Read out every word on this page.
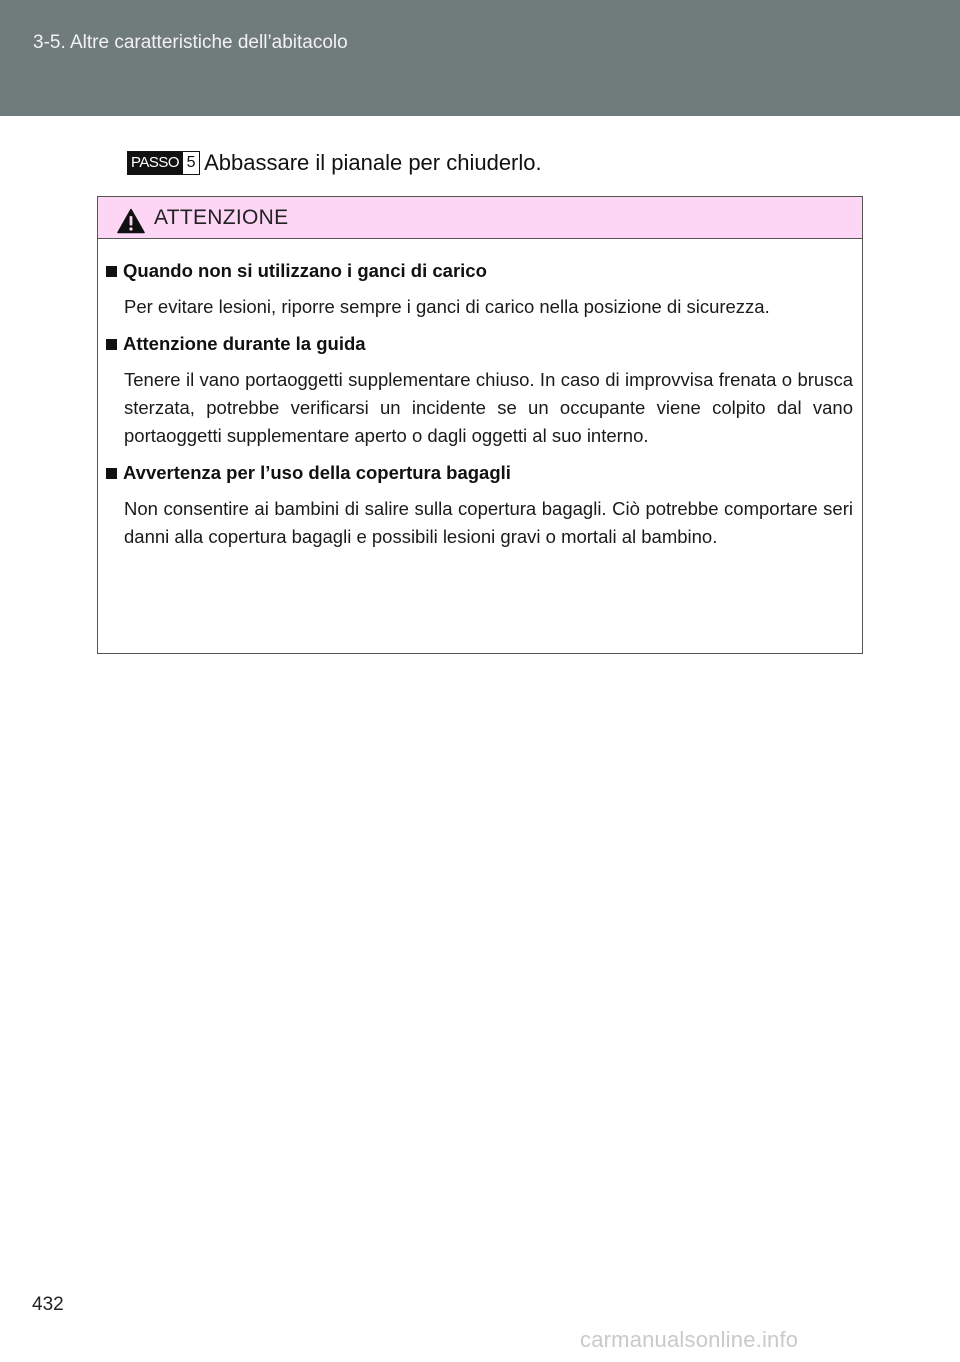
3-5. Altre caratteristiche dell’abitacolo
PASSO 5 Abbassare il pianale per chiuderlo.
ATTENZIONE
Quando non si utilizzano i ganci di carico
Per evitare lesioni, riporre sempre i ganci di carico nella posizione di sicurezza.
Attenzione durante la guida
Tenere il vano portaoggetti supplementare chiuso. In caso di improvvisa frenata o brusca sterzata, potrebbe verificarsi un incidente se un occupante viene colpito dal vano portaoggetti supplementare aperto o dagli oggetti al suo interno.
Avvertenza per l’uso della copertura bagagli
Non consentire ai bambini di salire sulla copertura bagagli. Ciò potrebbe comportare seri danni alla copertura bagagli e possibili lesioni gravi o mortali al bambino.
432
carmanualsonline.info
